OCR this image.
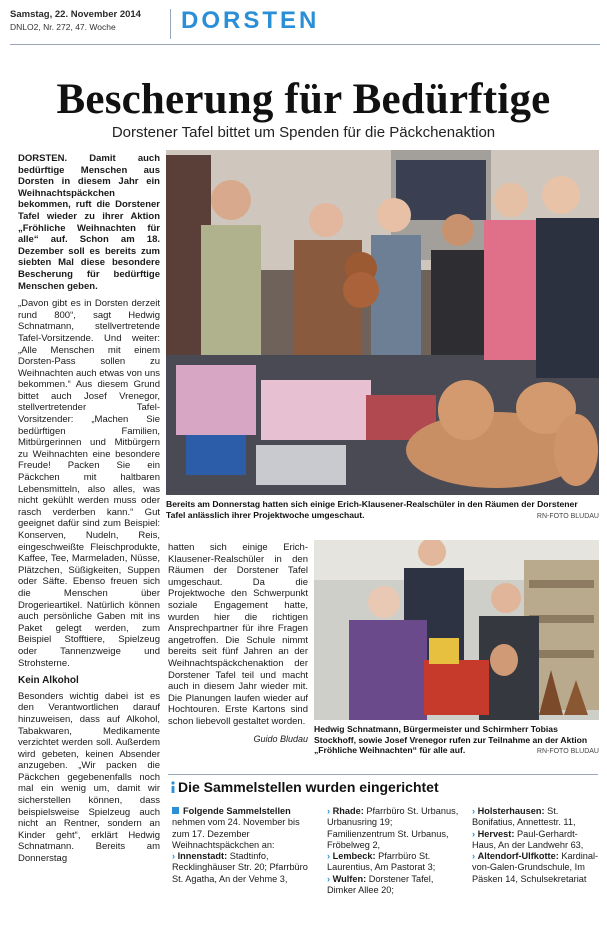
Samstag, 22. November 2014
DNLO2, Nr. 272, 47. Woche	DORSTEN
Bescherung für Bedürftige
Dorstener Tafel bittet um Spenden für die Päckchenaktion

DORSTEN. Damit auch bedürftige Menschen aus Dorsten in diesem Jahr ein Weihnachtspäckchen bekommen, ruft die Dorstener Tafel wieder zu ihrer Aktion „Fröhliche Weihnachten für alle“ auf. Schon am 18. Dezember soll es bereits zum siebten Mal diese besondere Bescherung für bedürftige Menschen geben.

„Davon gibt es in Dorsten derzeit rund 800“, sagt Hedwig Schnatmann, stellvertretende Tafel-Vorsitzende. Und weiter: „Alle Menschen mit einem Dorsten-Pass sollen zu Weihnachten auch etwas von uns bekommen.“ Aus diesem Grund bittet auch Josef Vrenegor, stellvertretender Tafel-Vorsitzender: „Machen Sie bedürftigen Familien, Mitbürgerinnen und Mitbürgern zu Weihnachten eine besondere Freude! Packen Sie ein Päckchen mit haltbaren Lebensmitteln, also alles, was nicht gekühlt werden muss oder rasch verderben kann.“ Gut geeignet dafür sind zum Beispiel: Konserven, Nudeln, Reis, eingeschweißte Fleischprodukte, Kaffee, Tee, Marmeladen, Nüsse, Plätzchen, Süßigkeiten, Suppen oder Säfte. Ebenso freuen sich die Menschen über Drogerieartikel. Natürlich können auch persönliche Gaben mit ins Paket gelegt werden, zum Beispiel Stofftiere, Spielzeug oder Tannenzweige und Strohsterne.

Kein Alkohol

Besonders wichtig dabei ist es den Verantwortlichen darauf hinzuweisen, dass auf Alkohol, Tabakwaren, Medikamente verzichtet werden soll. Außerdem wird gebeten, keinen Absender anzugeben. „Wir packen die Päckchen gegebenenfalls noch mal ein wenig um, damit wir sicherstellen können, dass beispielsweise Spielzeug auch nicht an Rentner, sondern an Kinder geht“, erklärt Hedwig Schnatmann. Bereits am Donnerstag

Bereits am Donnerstag hatten sich einige Erich-Klausener-Realschüler in den Räumen der Dorstener Tafel anlässlich ihrer Projektwoche umgeschaut.	RN-FOTO BLUDAU

hatten sich einige Erich-Klausener-Realschüler in den Räumen der Dorstener Tafel umgeschaut. Da die Projektwoche den Schwerpunkt soziale Engagement hatte, wurden hier die richtigen Ansprechpartner für ihre Fragen angetroffen. Die Schule nimmt bereits seit fünf Jahren an der Weihnachtspäckchenaktion der Dorstener Tafel teil und macht auch in diesem Jahr wieder mit. Die Planungen laufen wieder auf Hochtouren. Erste Kartons sind schon liebevoll gestaltet worden.

Guido Bludau
Hedwig Schnatmann, Bürgermeister und Schirmherr Tobias Stockhoff, sowie Josef Vrenegor rufen zur Teilnahme an der Aktion „Fröhliche Weihnachten“ für alle auf.	RN-FOTO BLUDAU
Die Sammelstellen wurden eingerichtet
Folgende Sammelstellen nehmen vom 24. November bis zum 17. Dezember Weihnachtspäckchen an:
› Innenstadt: Stadtinfo, Recklinghäuser Str. 20; Pfarrbüro St. Agatha, An der Vehme 3,
› Rhade: Pfarrbüro St. Urbanus, Urbanusring 19; Familienzentrum St. Urbanus, Fröbelweg 2,
› Lembeck: Pfarrbüro St. Laurentius, Am Pastorat 3;
› Wulfen: Dorstener Tafel, Dimker Allee 20;
› Holsterhausen: St. Bonifatius, Annettestr. 11,
› Hervest: Paul-Gerhardt-Haus, An der Landwehr 63,
› Altendorf-Ulfkotte: Kardinal-von-Galen-Grundschule, Im Päsken 14, Schulsekretariat
